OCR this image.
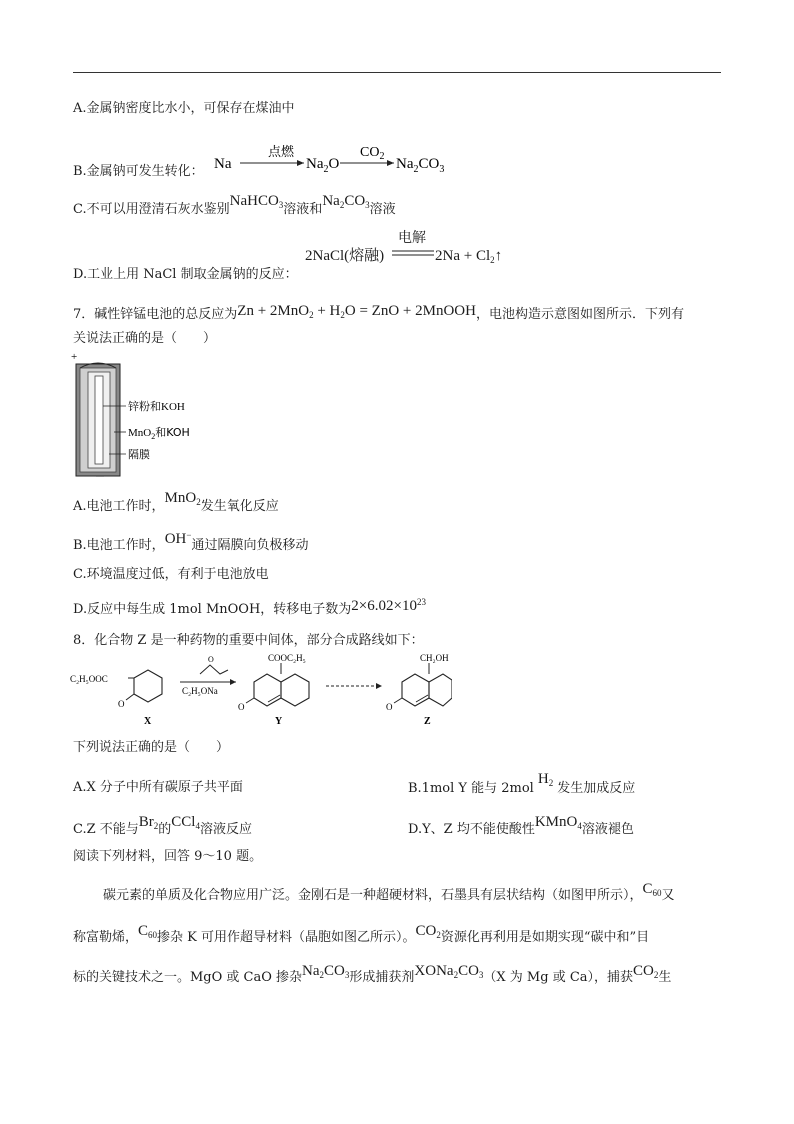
A.金属钠密度比水小，可保存在煤油中
B.金属钠可发生转化： Na
点燃
$Na_2O$
$CO_2$ $Na_2CO_3$
C.不可以用澄清石灰水鉴别NaHCO$_3$溶液和$Na_2CO_3$溶液
2NaCl(熔融)
电解
$2Na + Cl_2↑$
D.工业上用 NaCl 制取金属钠的反应：
7．碱性锌锰电池的总反应为$Zn + 2MnO_2 + H_2O$ = ZnO + 2MnOOH，电池构造示意图如图所示．下列有
关说法正确的是（　　）
+
锌粉和KOH
MnO$_2$和KOH
隔膜
—
A.电池工作时，MnO$_2$发生氧化反应
B.电池工作时，OH−通过隔膜向负极移动
C.环境温度过低，有利于电池放电
D.反应中每生成 1mol MnOOH，转移电子数为$2\times 6.02\times 10^{23}$
8．化合物 Z 是一种药物的重要中间体，部分合成路线如下：
C₂H₅OOC
O
X
O
C₂H₅ONa
COOC₂H₅
O
Y
CH₂OH
O
Z
下列说法正确的是（　　）
A.X 分子中所有碳原子共平面	B.1mol Y 能与 2molH$_2$ 发生加成反应
C.Z 不能与$Br_2$的CCl$_4$溶液反应	D.Y、Z 均不能使酸性KMnO$_4$溶液褪色
阅读下列材料，回答 9～10 题。
碳元素的单质及化合物应用广泛。金刚石是一种超硬材料，石墨具有层状结构（如图甲所示），$C_{60}$又
称富勒烯，$C_{60}$掺杂 K 可用作超导材料（晶胞如图乙所示）。$CO_2$资源化再利用是如期实现“碳中和”目
标的关键技术之一。MgO 或 CaO 掺杂$Na_2CO_3$形成捕获剂$XONa_2CO_3(X$ 为 Mg 或 Ca），捕获$CO_2$生
